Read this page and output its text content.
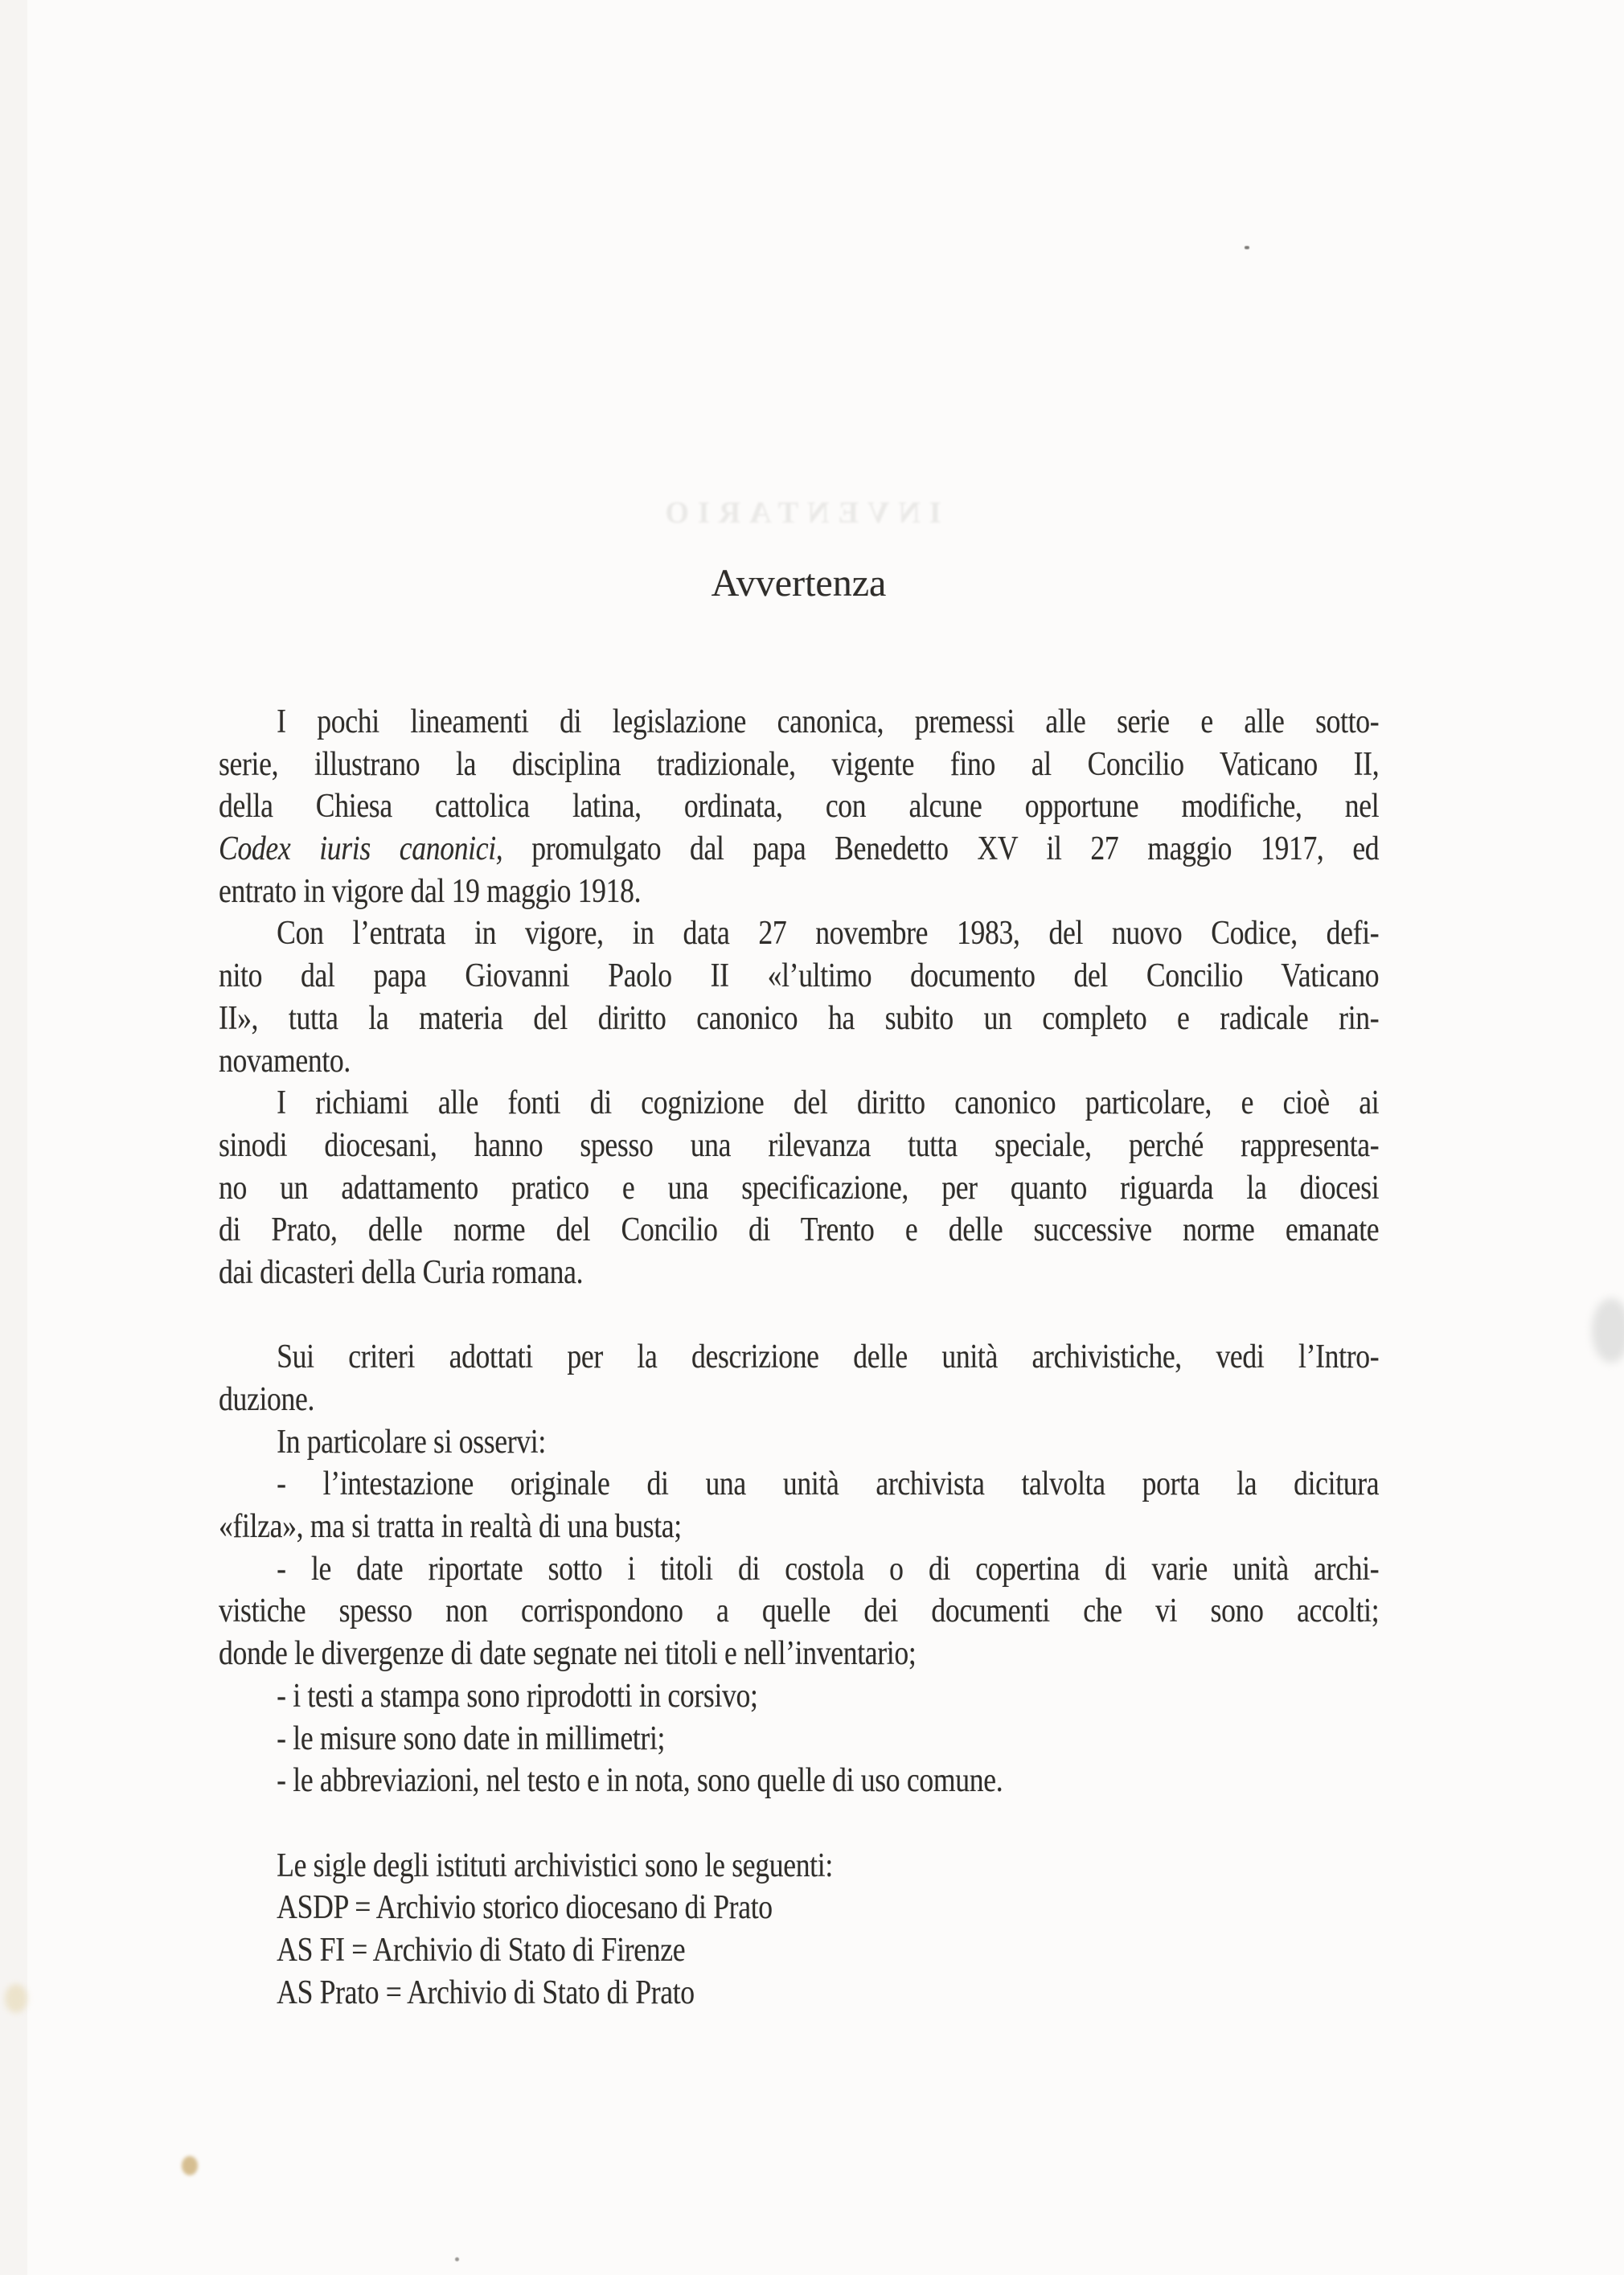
INVENTARIO
Avvertenza
I pochi lineamenti di legislazione canonica, premessi alle serie e alle sotto-
serie, illustrano la disciplina tradizionale, vigente fino al Concilio Vaticano II,
della Chiesa cattolica latina, ordinata, con alcune opportune modifiche, nel
Codex iuris canonici, promulgato dal papa Benedetto XV il 27 maggio 1917, ed
entrato in vigore dal 19 maggio 1918.
Con l’entrata in vigore, in data 27 novembre 1983, del nuovo Codice, defi-
nito dal papa Giovanni Paolo II «l’ultimo documento del Concilio Vaticano
II», tutta la materia del diritto canonico ha subito un completo e radicale rin-
novamento.
I richiami alle fonti di cognizione del diritto canonico particolare, e cioè ai
sinodi diocesani, hanno spesso una rilevanza tutta speciale, perché rappresenta-
no un adattamento pratico e una specificazione, per quanto riguarda la diocesi
di Prato, delle norme del Concilio di Trento e delle successive norme emanate
dai dicasteri della Curia romana.
Sui criteri adottati per la descrizione delle unità archivistiche, vedi l’Intro-
duzione.
In particolare si osservi:
- l’intestazione originale di una unità archivista talvolta porta la dicitura
«filza», ma si tratta in realtà di una busta;
- le date riportate sotto i titoli di costola o di copertina di varie unità archi-
vistiche spesso non corrispondono a quelle dei documenti che vi sono accolti;
donde le divergenze di date segnate nei titoli e nell’inventario;
- i testi a stampa sono riprodotti in corsivo;
- le misure sono date in millimetri;
- le abbreviazioni, nel testo e in nota, sono quelle di uso comune.
Le sigle degli istituti archivistici sono le seguenti:
ASDP = Archivio storico diocesano di Prato
AS FI = Archivio di Stato di Firenze
AS Prato = Archivio di Stato di Prato
